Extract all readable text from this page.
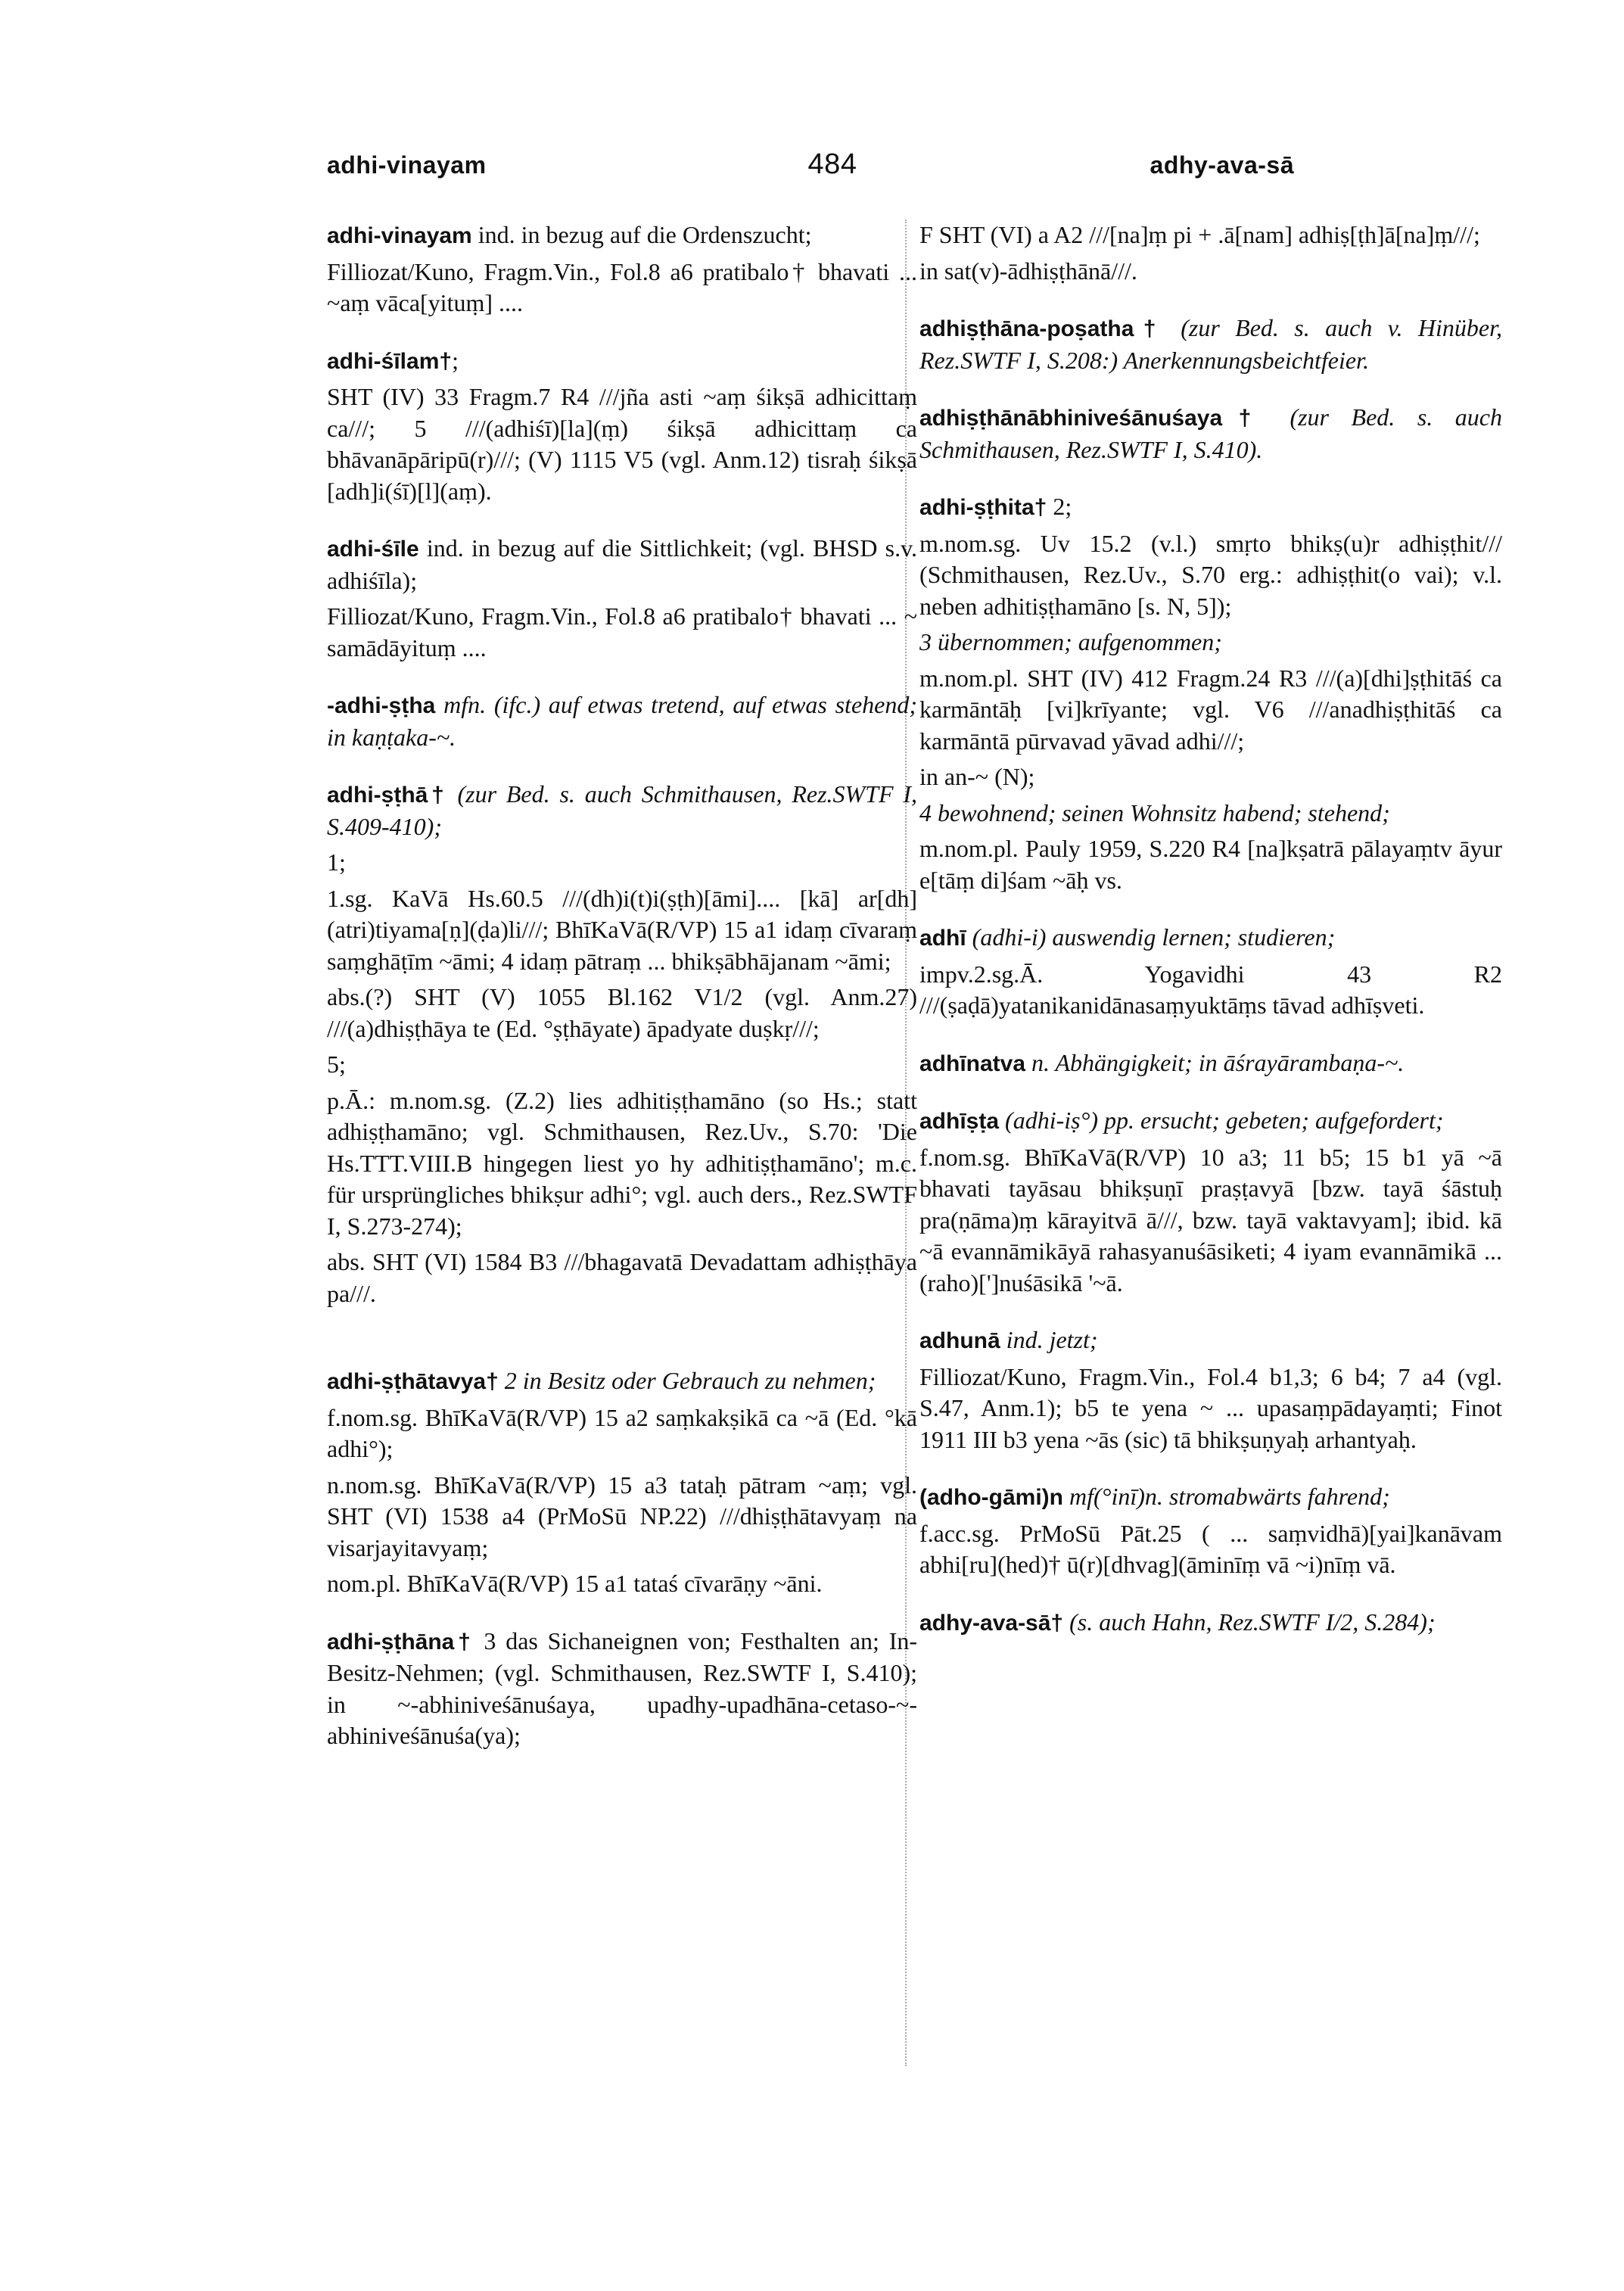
adhi-vinayam	484	adhy-ava-sā

adhi-vinayam ind. in bezug auf die Ordenszucht;

Filliozat/Kuno, Fragm.Vin., Fol.8 a6 pratibalo† bhavati ... ~aṃ vāca[yituṃ] ....

adhi-śīlam†;

SHT (IV) 33 Fragm.7 R4 ///jña asti ~aṃ śikṣā adhicittaṃ ca///; 5 ///(adhiśī)[la](ṃ) śikṣā adhicittaṃ ca bhāvanāpāripū(r)///; (V) 1115 V5 (vgl. Anm.12) tisraḥ śikṣā [adh]i(śī)[l](aṃ).

adhi-śīle ind. in bezug auf die Sittlichkeit; (vgl. BHSD s.v. adhiśīla);

Filliozat/Kuno, Fragm.Vin., Fol.8 a6 pratibalo† bhavati ... ~ samādāyituṃ ....

-adhi-ṣṭha mfn. (ifc.) auf etwas tretend, auf etwas stehend; in kaṇṭaka-~.

adhi-ṣṭhā† (zur Bed. s. auch Schmithausen, Rez.SWTF I, S.409-410);

1;

1.sg. KaVā Hs.60.5 ///(dh)i(t)i(ṣṭh)[āmi].... [kā] ar[dh](atri)tiyama[ṇ](ḍa)li///; BhīKaVā(R/VP) 15 a1 idaṃ cīvaraṃ saṃghāṭīm ~āmi; 4 idaṃ pātraṃ ... bhikṣābhājanam ~āmi;

abs.(?) SHT (V) 1055 Bl.162 V1/2 (vgl. Anm.27) ///(a)dhiṣṭhāya te (Ed. °ṣṭhāyate) āpadyate duṣkṛ///;

5;

p.Ā.: m.nom.sg. (Z.2) lies adhitiṣṭhamāno (so Hs.; statt adhiṣṭhamāno; vgl. Schmithausen, Rez.Uv., S.70: 'Die Hs.TTT.VIII.B hingegen liest yo hy adhitiṣṭhamāno'; m.c. für ursprüngliches bhikṣur adhi°; vgl. auch ders., Rez.SWTF I, S.273-274);

abs. SHT (VI) 1584 B3 ///bhagavatā Devadattam adhiṣṭhāya pa///.

adhi-ṣṭhātavya† 2 in Besitz oder Gebrauch zu nehmen;

f.nom.sg. BhīKaVā(R/VP) 15 a2 saṃkakṣikā ca ~ā (Ed. °kā adhi°);

n.nom.sg. BhīKaVā(R/VP) 15 a3 tataḥ pātram ~aṃ; vgl. SHT (VI) 1538 a4 (PrMoSū NP.22) ///dhiṣṭhātavyaṃ na visarjayitavyaṃ;

nom.pl. BhīKaVā(R/VP) 15 a1 tataś cīvarāṇy ~āni.

adhi-ṣṭhāna† 3 das Sichaneignen von; Festhalten an; In-Besitz-Nehmen; (vgl. Schmithausen, Rez.SWTF I, S.410); in ~-abhiniveśānuśaya, upadhy-upadhāna-cetaso-~-abhiniveśānuśa(ya);

F SHT (VI) a A2 ///[na]ṃ pi + .ā[nam] adhiṣ[ṭh]ā[na]ṃ///;

in sat(v)-ādhiṣṭhānā///.

adhiṣṭhāna-poṣatha† (zur Bed. s. auch v. Hinüber, Rez.SWTF I, S.208:) Anerkennungsbeichtfeier.

adhiṣṭhānābhiniveśānuśaya† (zur Bed. s. auch Schmithausen, Rez.SWTF I, S.410).

adhi-ṣṭhita† 2;

m.nom.sg. Uv 15.2 (v.l.) smṛto bhikṣ(u)r adhiṣṭhit/// (Schmithausen, Rez.Uv., S.70 erg.: adhiṣṭhit(o vai); v.l. neben adhitiṣṭhamāno [s. N, 5]);

3 übernommen; aufgenommen;

m.nom.pl. SHT (IV) 412 Fragm.24 R3 ///(a)[dhi]ṣṭhitāś ca karmāntāḥ [vi]krīyante; vgl. V6 ///anadhiṣṭhitāś ca karmāntā pūrvavad yāvad adhi///;

in an-~ (N);

4 bewohnend; seinen Wohnsitz habend; stehend;

m.nom.pl. Pauly 1959, S.220 R4 [na]kṣatrā pālayaṃtv āyur e[tāṃ di]śam ~āḥ vs.

adhī (adhi-i) auswendig lernen; studieren;

impv.2.sg.Ā. Yogavidhi 43 R2 ///(ṣaḍā)yatanikanidānasaṃyuktāṃs tāvad adhīṣveti.

adhīnatva n. Abhängigkeit; in āśrayārambaṇa-~.

adhīṣṭa (adhi-iṣ°) pp. ersucht; gebeten; aufgefordert;

f.nom.sg. BhīKaVā(R/VP) 10 a3; 11 b5; 15 b1 yā ~ā bhavati tayāsau bhikṣuṇī praṣṭavyā [bzw. tayā śāstuḥ pra(ṇāma)ṃ kārayitvā ā///, bzw. tayā vaktavyam]; ibid. kā ~ā evannāmikāyā rahasyanuśāsiketi; 4 iyam evannāmikā ... (raho)[']nuśāsikā '~ā.

adhunā ind. jetzt;

Filliozat/Kuno, Fragm.Vin., Fol.4 b1,3; 6 b4; 7 a4 (vgl. S.47, Anm.1); b5 te yena ~ ... upasaṃpādayaṃti; Finot 1911 III b3 yena ~ās (sic) tā bhikṣuṇyaḥ arhantyaḥ.

(adho-gāmi)n mf(°inī)n. stromabwärts fahrend;

f.acc.sg. PrMoSū Pāt.25 ( ... saṃvidhā)[yai]kanāvam abhi[ru](hed)† ū(r)[dhvag](āminīṃ vā ~i)nīṃ vā.

adhy-ava-sā† (s. auch Hahn, Rez.SWTF I/2, S.284);
